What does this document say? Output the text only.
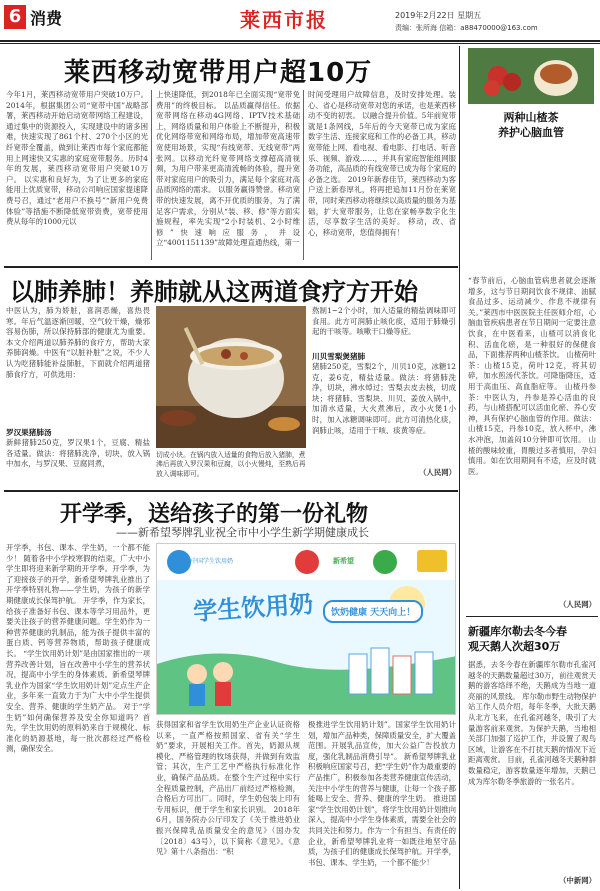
6 消费	莱西市报	2019年2月22日 星期五
责编：张所海 信箱：a88470000@163.com
莱西移动宽带用户超10万
今年1月，莱西移动宽带用户突破10万户。 2014年，根据集团公司“宽带中国”战略部署，莱西移动开始启动宽带网络工程建设，通过集中的资源投入，实现建设中的诸多困难，快速实现了861个村、270个小区的光纤宽带全覆盖，做到让莱西市每个家庭都能用上网速快又实惠的家庭宽带服务。历时4年的发展，莱西移动宽带用户突破10万户。 以实惠和良好为，为了让更多的家庭能用上优质宽带，移动公司响应国家提速降费号召，通过“老用户不换号”“新用户免费体验”等措施不断降低宽带资费，宽带使用费从每年的1000元以
上快速降低，到2018年已全面实现“宽带免费用”的终极目标。 以品质赢得信任。依据宽带网络在移动4G网络、IPTV技术基础上，网络质量和用户体验上不断提升，积极优化网络带宽和网络布局，增加带宽高速带宽使用场景，实现“有线宽带、无线宽带”两张网。以移动光纤宽带网络支撑超高清视频，为用户带来更高清流畅的体验，提升宽带对家庭用户的吸引力，满足每个家庭对高品质网络的需求。 以服务赢得赞誉。移动宽带的快速发展，离不开优质的服务，为了满足客户需求，分别从“装、移、修”等方面实施规程，率先实现“2小时装机、2小时维修”快速响应服务，并设立“4001151139”故障处理直通热线，第一
时间受理用户故障信息，及时安排处理。装心、省心是移动宽带对您的承诺，也是莱西移动不变的初衷。 以融合提升价值。5年前宽带就是1条网线，5年后的今天宽带已成为家庭数字生活、连接家庭和工作的必备工具，移动宽带能上网、看电视、看电影、打电话、听音乐、视频、游戏……，并具有家庭智能组网服务功能，高品质的有线宽带已成为每个家庭的必备之选。 2019年新春佳节，莱西移动为客户送上新春厚礼，将再把追加11月份在莱宽带，同时莱西移动将继续以高质量的服务为基础，扩大宽带服务，让您在家畅享数字化生活，尽享数字生活的美好。 移动，改、省心，移动宽带，您值得拥有！
以肺养肺！养肺就从这两道食疗方开始
中医认为，肺为娇脏，喜润恶燥，喜热畏寒。年后气温逐渐回暖，空气较干燥，燥邪容易伤肺，所以保持肺部的健康尤为重要。本文介绍两道以肺养肺的食疗方，帮助大家养肺润燥。中医有“以脏补脏”之说，不少人认为吃猪肺能补益肺脏，下面就介绍两道猪肺食疗方，可供选用：
罗汉果猪肺汤
新鲜猪肺250克，罗汉果1个，豆腐、精盐各适量。做法：将猪肺洗净，切块，放入锅中加水，与罗汉果、豆腐同煮，
切成小块。在锅内放入适量的食物后放入猪肺，煮沸后再放入罗汉果和豆腐，以小火慢炖，至熟后再放入调味即可。
熬制1~2个小时，加入适量的精盐调味即可食用。此方可润肺止咳化痰，适用于肺燥引起的干咳等。咳嗽干口燥等症。
川贝雪梨煲猪肺
猪肺250克，雪梨2个，川贝10克，冰糖12克，姜6克，精盐适量。做法：将猪肺洗净，切块，沸水焯过；雪梨去皮去核，切成块；将猪肺、雪梨块、川贝、姜放入锅中，加清水适量，大火煮沸后，改小火煲1小时，加入冰糖调味即可。此方可清热化痰，润肺止咳，适用于干咳、痰黄等症。
（人民网）
开学季，送给孩子的第一份礼物
——新希望琴牌乳业祝全市中小学生新学期健康成长
开学季，书包、课本、学生奶，一个都不能少！ 随着各中小学校寒假的结束，广大中小学生即将迎来新学期的开学季。开学季，为了迎接孩子的开学，新希望琴牌乳业推出了开学季特别礼物——学生奶，为孩子的新学期健康成长保驾护航。 开学季，作为家长，给孩子准备好书包、课本等学习用品外，更要关注孩子的营养健康问题。学生奶作为一种营养健康的乳制品，能为孩子提供丰富的蛋白质、钙等营养物质，帮助孩子健康成长。 “学生饮用奶计划”是由国家推出的一项营养改善计划，旨在改善中小学生的营养状况，提高中小学生的身体素质。新希望琴牌乳业作为国家“学生饮用奶计划”定点生产企业，多年来一直致力于为广大中小学生提供安全、营养、健康的学生奶产品。 对于“学生奶”如何确保营养及安全你知道吗？首先，学生饮用奶的原料奶来自于规模化、标准化的奶源基地，每一批次都经过严格检测，确保安全。
中国学生饮用奶	新希望
学生饮用奶	饮奶健康 天天向上！
获得国家和省学生饮用奶生产企业认证资格以来，一直严格按照国家、省有关“学生奶”要求，开展相关工作。首先，奶源从规模化、严格管理的牧场获得，并做到有效监管；其次，生产工艺中严格执行标准化作业，确保产品品质。在整个生产过程中实行全程质量控制，产品出厂前经过严格检测，合格后方可出厂。同时，学生奶包装上印有专用标识，便于学生和家长识别。 2018年6月，国务院办公厅印发了《关于推进奶业振兴保障乳品质量安全的意见》（国办发〔2018〕43号），以下简称《意见》。《意见》第十八条指出：“积
极推进学生饮用奶计划”。国家学生饮用奶计划，增加产品种类，保障质量安全，扩大覆盖范围。开展乳品宣传，加大公益广告投放力度，强化乳制品消费引导”。 新希望琴牌乳业积极响应国家号召，把“学生奶”作为最重要的产品推广，积极参加各类营养健康宣传活动，关注中小学生的营养与健康，让每一个孩子都能喝上安全、营养、健康的学生奶。 推进国家“学生饮用奶计划”，将学生饮用奶计划推向深入，提高中小学生身体素质，需要全社会的共同关注和努力。作为一个有担当、有责任的企业，新希望琴牌乳业将一如既往地坚守品质，为孩子们的健康成长保驾护航。开学季，书包、课本、学生奶，一个都不能少！
两种山楂茶
养护心脑血管
“春节前后，心脑血管病患者就会逐渐增多，这与节日期间饮食不规律、油腻食品过多、运动减少、作息不规律有关。”莱西市中医医院主任医师介绍，心脑血管疾病患者在节日期间一定要注意饮食，在中医看来，山楂可以消食化积、活血化瘀，是一种很好的保健食品，下面推荐两种山楂茶饮。 山楂荷叶茶：山楂15克，荷叶12克，将其切碎，加水煎汤代茶饮。可降脂降压，适用于高血压、高血脂症等。 山楂丹参茶：中医认为，丹参是养心活血的良药，与山楂搭配可以活血化瘀、养心安神，具有保护心脑血管的作用。做法：山楂15克，丹参10克，放入杯中，沸水冲泡，加盖闷10分钟即可饮用。 山楂的酸味较重，胃酸过多者慎用，孕妇慎用。如在饮用期间有不适，应及时就医。
（人民网）
新疆库尔勒去冬今春
观天鹅人次超30万
据悉，去冬今春在新疆库尔勒市孔雀河越冬的天鹅数量超过30万，前往观赏天鹅的游客络绎不绝，天鹅成为当地一道亮丽的风景线。 库尔勒市野生动物保护站工作人员介绍，每年冬季，大批天鹅从北方飞来，在孔雀河越冬，吸引了大量游客前来观赏。为保护天鹅，当地相关部门加强了巡护工作，并设置了观鸟区域，让游客在不打扰天鹅的情况下近距离观赏。 目前，孔雀河越冬天鹅种群数量稳定，游客数量逐年增加，天鹅已成为库尔勒冬季旅游的一张名片。
（中新网）
